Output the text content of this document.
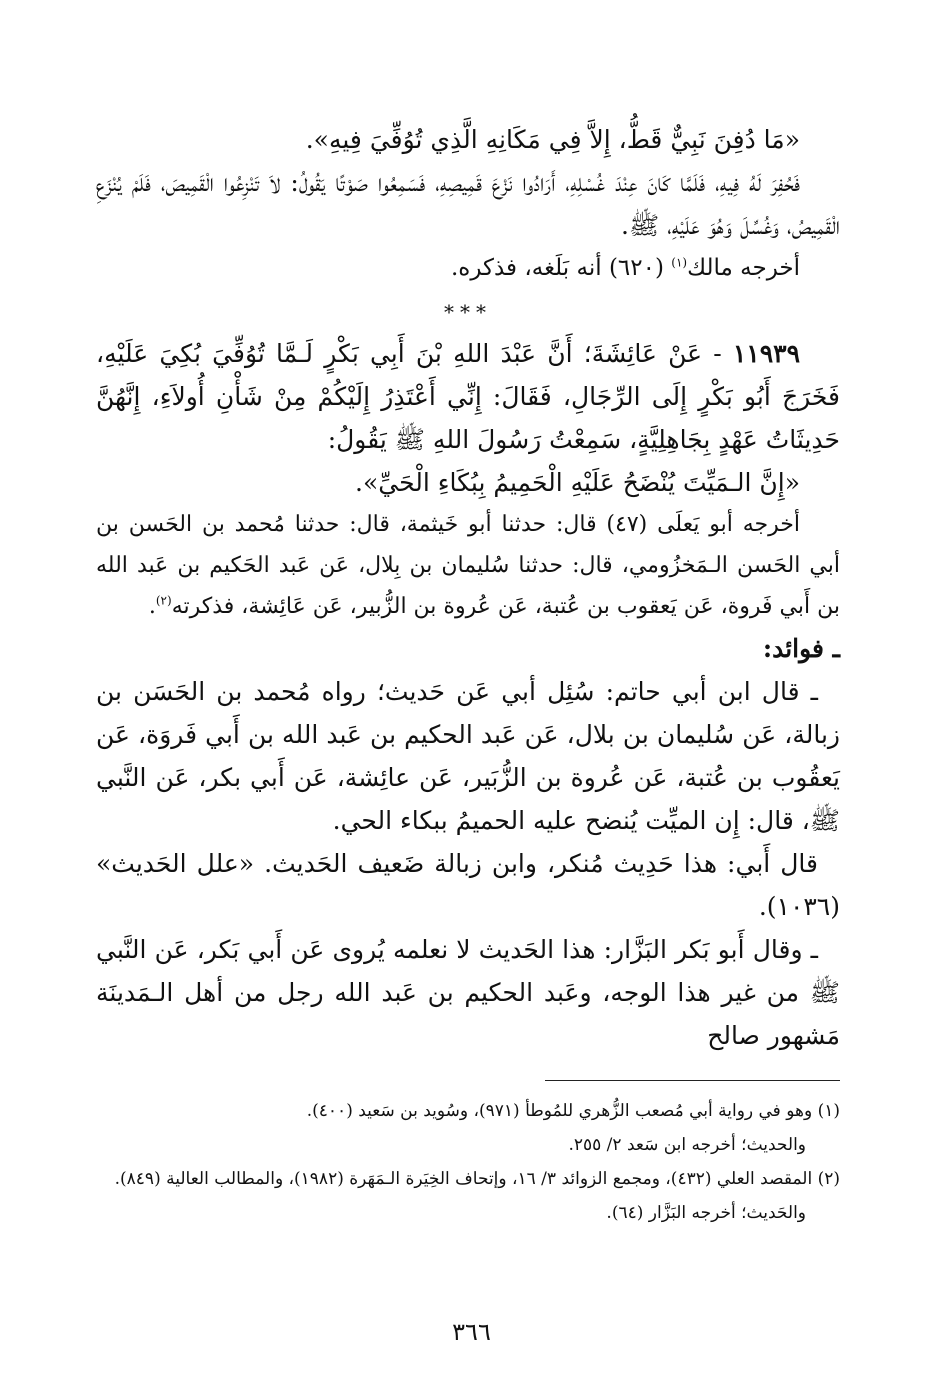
«مَا دُفِنَ نَبِيٌّ قَطُّ، إِلاَّ فِي مَكَانِهِ الَّذِي تُوُفِّيَ فِيهِ».

فَحُفِرَ لَهُ فِيهِ، فَلَمَّا كَانَ عِنْدَ غُسْلِهِ، أَرَادُوا نَزْعَ قَمِيصِهِ، فَسَمِعُوا صَوْتًا يَقُولُ: لاَ تَنْزِعُوا الْقَمِيصَ، فَلَمْ يُنْزَعِ الْقَمِيصُ، وَغُسِّلَ وَهُوَ عَلَيْهِ، ﷺ.

أخرجه مالك$^{(١)}$ (٦٢٠) أنه بَلَغه، فذكره.

***

١١٩٣٩ - عَنْ عَائِشَةَ؛ أَنَّ عَبْدَ اللهِ بْنَ أَبِي بَكْرٍ لَـمَّا تُوُفِّيَ بُكِيَ عَلَيْهِ، فَخَرَجَ أَبُو بَكْرٍ إِلَى الرِّجَالِ، فَقَالَ: إِنِّي أَعْتَذِرُ إِلَيْكُمْ مِنْ شَأْنِ أُولاَءِ، إِنَّهُنَّ حَدِيثَاتُ عَهْدٍ بِجَاهِلِيَّةٍ، سَمِعْتُ رَسُولَ اللهِ ﷺ يَقُولُ:

«إِنَّ الـمَيِّتَ يُنْضَحُ عَلَيْهِ الْحَمِيمُ بِبُكَاءِ الْحَيِّ».

أخرجه أبو يَعلَى (٤٧) قال: حدثنا أبو خَيثمة، قال: حدثنا مُحمد بن الحَسن بن أبي الحَسن الـمَخزُومي، قال: حدثنا سُليمان بن بِلال، عَن عَبد الحَكيم بن عَبد الله بن أَبي فَروة، عَن يَعقوب بن عُتبة، عَن عُروة بن الزُّبير، عَن عَائِشة، فذكرته$^{(٢)}$.

ـ فوائد:

ـ قال ابن أبي حاتم: سُئِل أبي عَن حَديث؛ رواه مُحمد بن الحَسَن بن زبالة، عَن سُليمان بن بلال، عَن عَبد الحكيم بن عَبد الله بن أَبي فَروَة، عَن يَعقُوب بن عُتبة، عَن عُروة بن الزُّبَير، عَن عائِشة، عَن أَبي بكر، عَن النَّبي ﷺ، قال: إِن الميِّت يُنضح عليه الحميمُ ببكاء الحي.

قال أَبي: هذا حَدِيث مُنكر، وابن زبالة ضَعيف الحَديث. «علل الحَديث» (١٠٣٦).

ـ وقال أَبو بَكر البَزَّار: هذا الحَديث لا نعلمه يُروى عَن أَبي بَكر، عَن النَّبي ﷺ من غير هذا الوجه، وعَبد الحكيم بن عَبد الله رجل من أهل الـمَدينَة مَشهور صالح

(١) وهو في رواية أبي مُصعب الزُّهري للمُوطأ (٩٧١)، وسُويد بن سَعيد (٤٠٠).

والحديث؛ أخرجه ابن سَعد ٢/ ٢٥٥.

(٢) المقصد العلي (٤٣٢)، ومجمع الزوائد ٣/ ١٦، وإتحاف الخِيَرة الـمَهَرة (١٩٨٢)، والمطالب العالية (٨٤٩).

والحَديث؛ أخرجه البَزَّار (٦٤).

٣٦٦
